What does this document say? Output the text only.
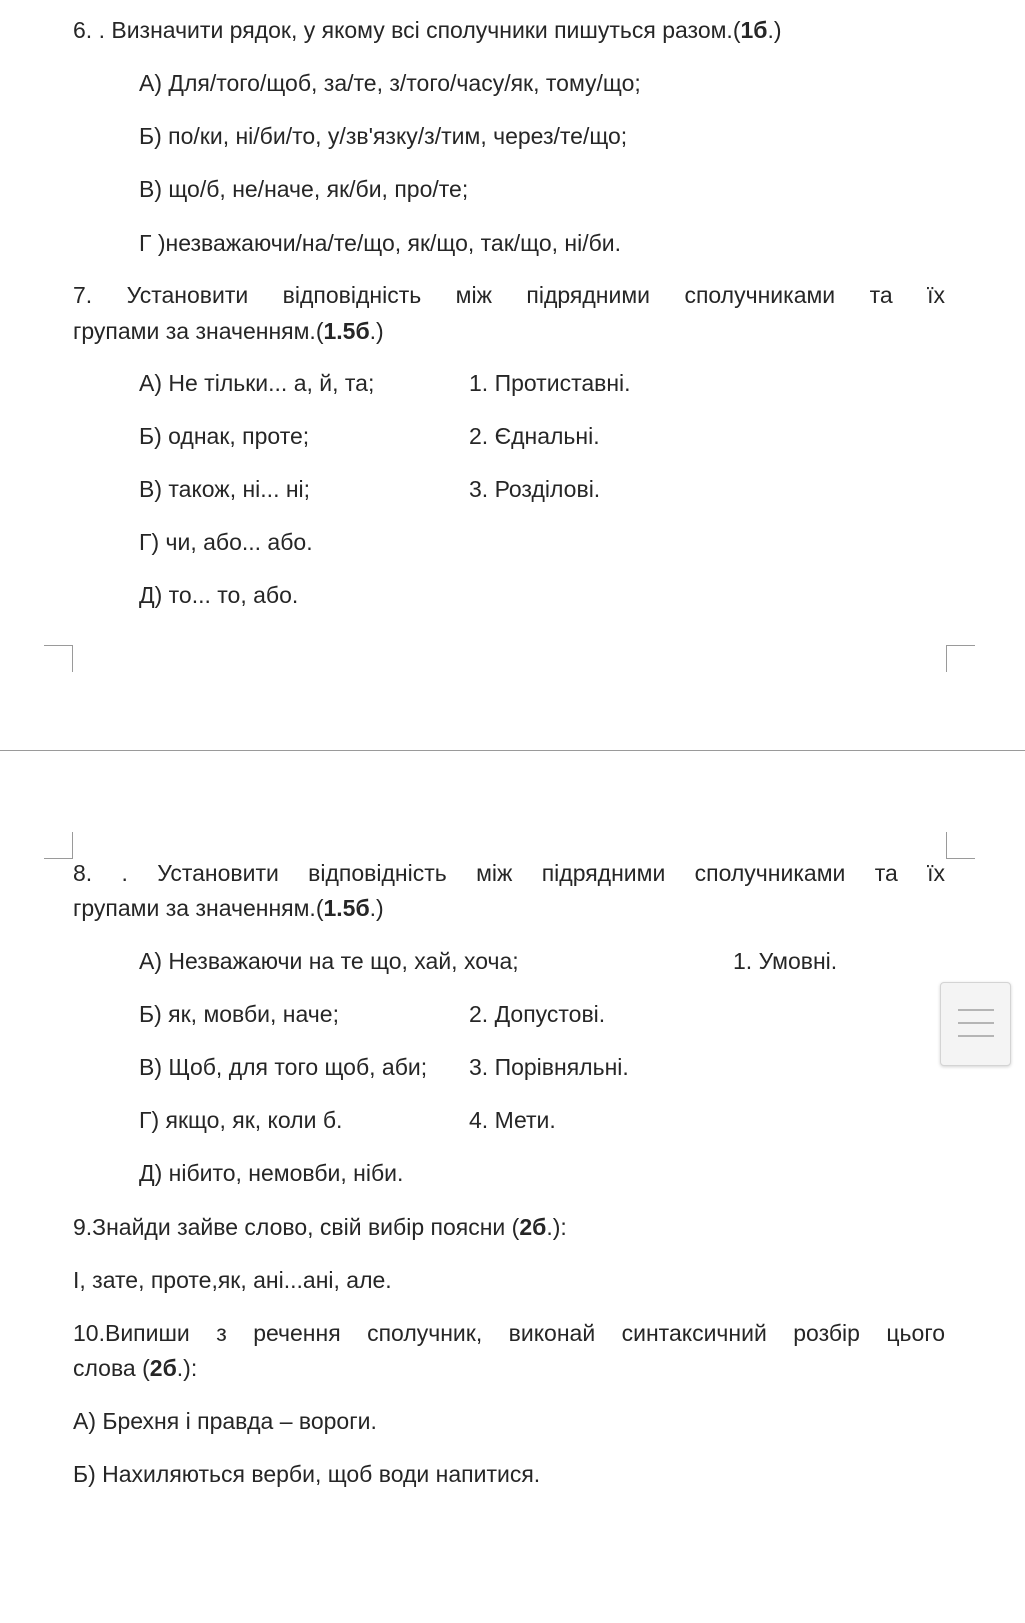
6. . Визначити рядок, у якому всі сполучники пишуться разом.(1б.)
А) Для/того/щоб, за/те, з/того/часу/як, тому/що;
Б) по/ки, ні/би/то, у/зв'язку/з/тим, через/те/що;
В) що/б, не/наче, як/би, про/те;
Г )незважаючи/на/те/що, як/що, так/що, ні/би.
7. Установити відповідність між підрядними сполучниками та їх
групами за значенням.(1.5б.)
А) Не тільки... а, й, та;
Б) однак, проте;
В) також, ні... ні;
Г) чи, або... або.
Д) то... то, або.
1. Протиставні.
2. Єднальні.
3. Розділові.
8. . Установити відповідність між підрядними сполучниками та їх
групами за значенням.(1.5б.)
А) Незважаючи на те що, хай, хоча;
Б) як, мовби, наче;
В) Щоб, для того щоб, аби;
Г) якщо, як, коли б.
Д) нібито, немовби, ніби.
1. Умовні.
2. Допустові.
3. Порівняльні.
4. Мети.
9.Знайди зайве слово, свій вибір поясни (2б.):
І, зате, проте,як, ані...ані, але.
10.Випиши з речення сполучник, виконай синтаксичний розбір цього
слова (2б.):
А) Брехня і правда – вороги.
Б) Нахиляються верби, щоб води напитися.
